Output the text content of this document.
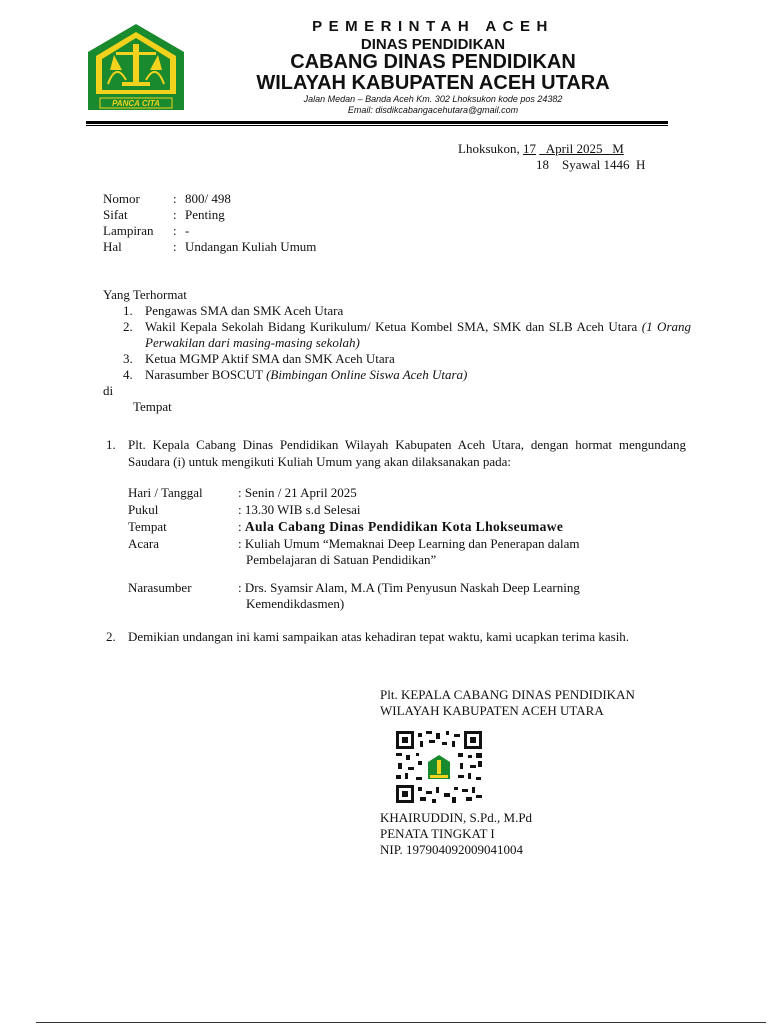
PANCA CITA
PEMERINTAH ACEH
DINAS PENDIDIKAN
CABANG DINAS PENDIDIKAN
WILAYAH KABUPATEN ACEH UTARA
Jalan Medan – Banda Aceh Km. 302 Lhoksukon kode pos 24382
Email: disdikcabangacehutara@gmail.com
Lhoksukon, 17 April 2025 M
18 Syawal 1446 H
Nomor	: 800/ 498
Sifat	: Penting
Lampiran : -
Hal	: Undangan Kuliah Umum
Yang Terhormat
1. Pengawas SMA dan SMK Aceh Utara
2. Wakil Kepala Sekolah Bidang Kurikulum/ Ketua Kombel SMA, SMK dan SLB Aceh Utara (1 Orang Perwakilan dari masing-masing sekolah)
3. Ketua MGMP Aktif SMA dan SMK Aceh Utara
4. Narasumber BOSCUT (Bimbingan Online Siswa Aceh Utara)
di
Tempat
1. Plt. Kepala Cabang Dinas Pendidikan Wilayah Kabupaten Aceh Utara, dengan hormat mengundang Saudara (i) untuk mengikuti Kuliah Umum yang akan dilaksanakan pada:
Hari / Tanggal	: Senin / 21 April 2025
Pukul	: 13.30 WIB s.d Selesai
Tempat	: Aula Cabang Dinas Pendidikan Kota Lhokseumawe
Acara	: Kuliah Umum “Memaknai Deep Learning dan Penerapan dalam Pembelajaran di Satuan Pendidikan”
Narasumber	: Drs. Syamsir Alam, M.A (Tim Penyusun Naskah Deep Learning Kemendikdasmen)
2. Demikian undangan ini kami sampaikan atas kehadiran tepat waktu, kami ucapkan terima kasih.
Plt. KEPALA CABANG DINAS PENDIDIKAN
WILAYAH KABUPATEN ACEH UTARA
KHAIRUDDIN, S.Pd., M.Pd
PENATA TINGKAT I
NIP. 197904092009041004
